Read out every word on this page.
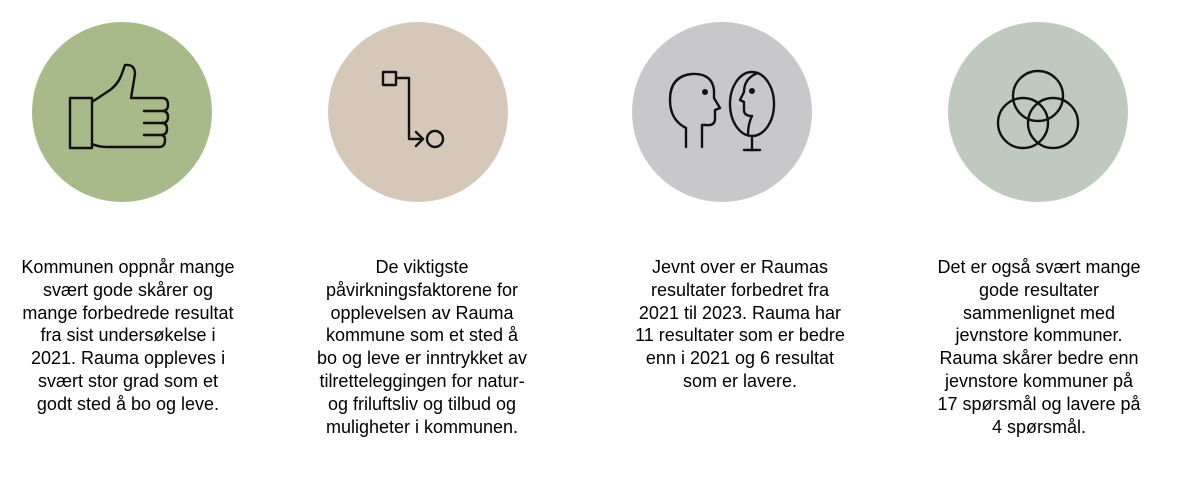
Kommunen oppnår mange
svært gode skårer og
mange forbedrede resultat
fra sist undersøkelse i
2021. Rauma oppleves i
svært stor grad som et
godt sted å bo og leve.
De viktigste
påvirkningsfaktorene for
opplevelsen av Rauma
kommune som et sted å
bo og leve er inntrykket av
tilretteleggingen for natur-
og friluftsliv og tilbud og
muligheter i kommunen.
Jevnt over er Raumas
resultater forbedret fra
2021 til 2023. Rauma har
11 resultater som er bedre
enn i 2021 og 6 resultat
som er lavere.
Det er også svært mange
gode resultater
sammenlignet med
jevnstore kommuner.
Rauma skårer bedre enn
jevnstore kommuner på
17 spørsmål og lavere på
4 spørsmål.
